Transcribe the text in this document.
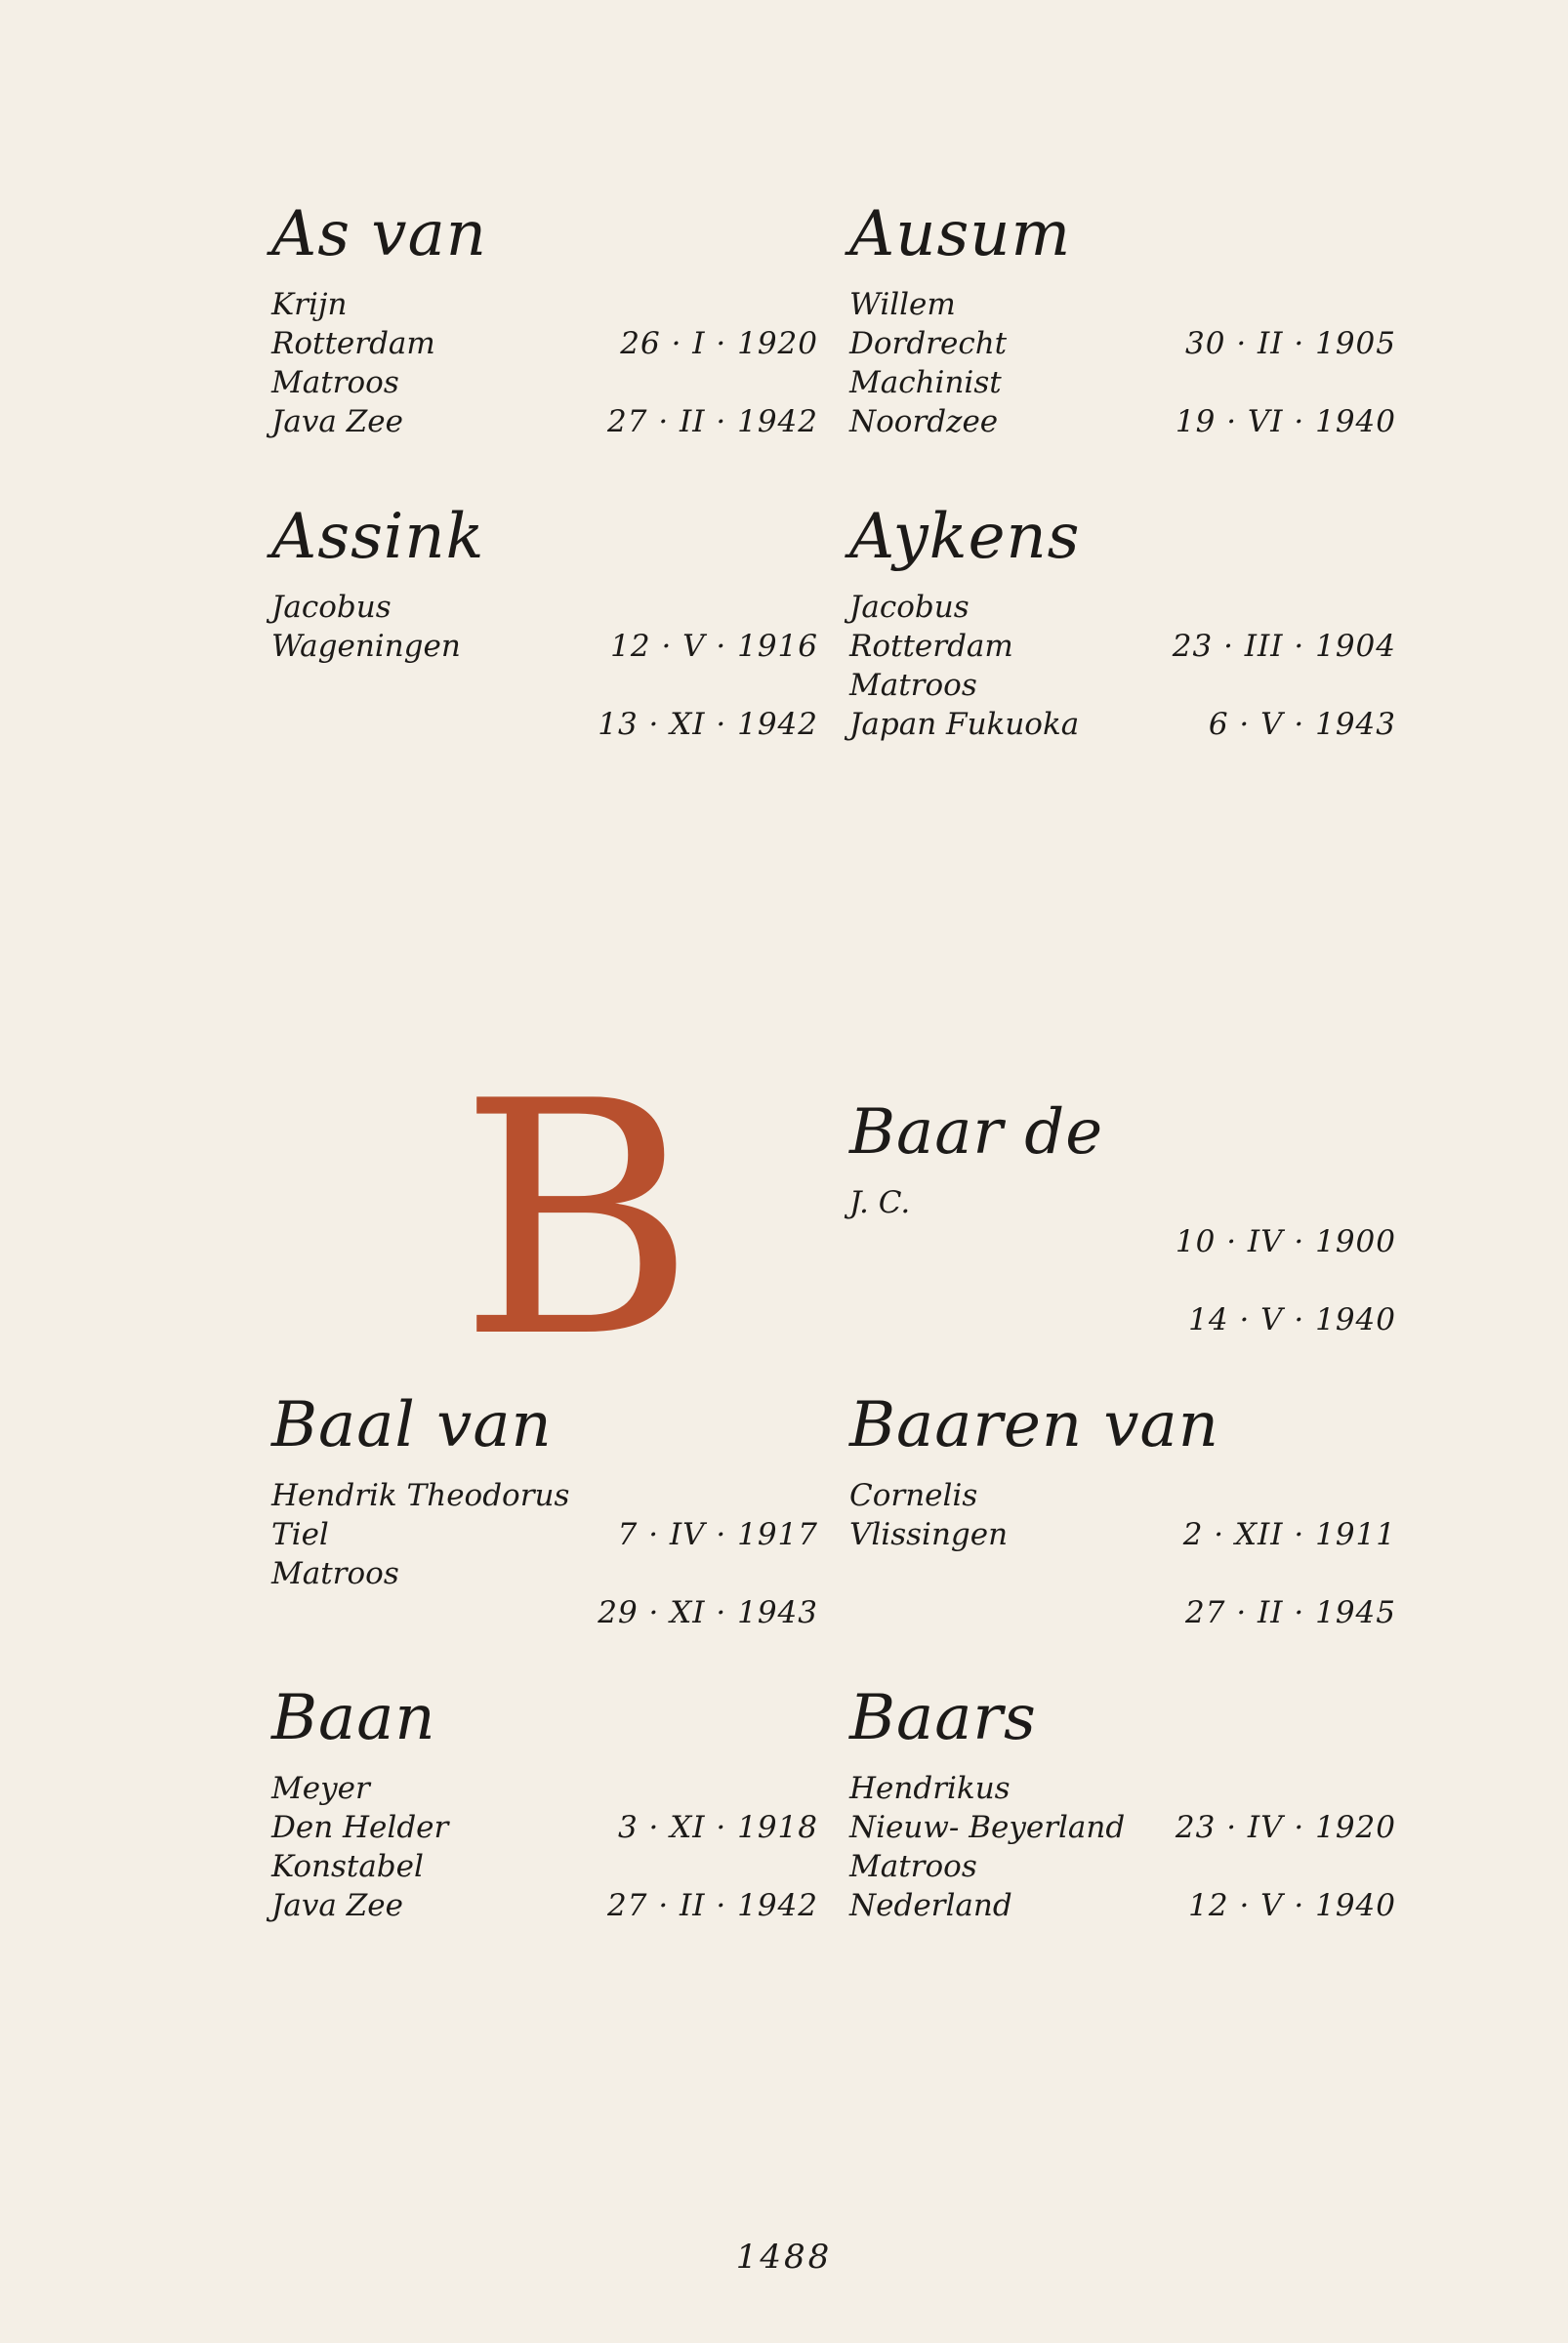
As van
Krijn
Rotterdam	26 · I · 1920
Matroos
Java Zee	27 · II · 1942
Ausum
Willem
Dordrecht	30 · II · 1905
Machinist
Noordzee	19 · VI · 1940
Assink
Jacobus
Wageningen	12 · V · 1916
13 · XI · 1942
Aykens
Jacobus
Rotterdam	23 · III · 1904
Matroos
Japan Fukuoka	6 · V · 1943
B Baar de
J. C.
10 · IV · 1900
14 · V · 1940
Baal van
Hendrik Theodorus
Tiel	7 · IV · 1917
Matroos
29 · XI · 1943
Baaren van
Cornelis
Vlissingen	2 · XII · 1911
27 · II · 1945
Baan
Meyer
Den Helder	3 · XI · 1918
Konstabel
Java Zee	27 · II · 1942
Baars
Hendrikus
Nieuw- Beyerland 23 · IV · 1920
Matroos
Nederland	12 · V · 1940
1488
